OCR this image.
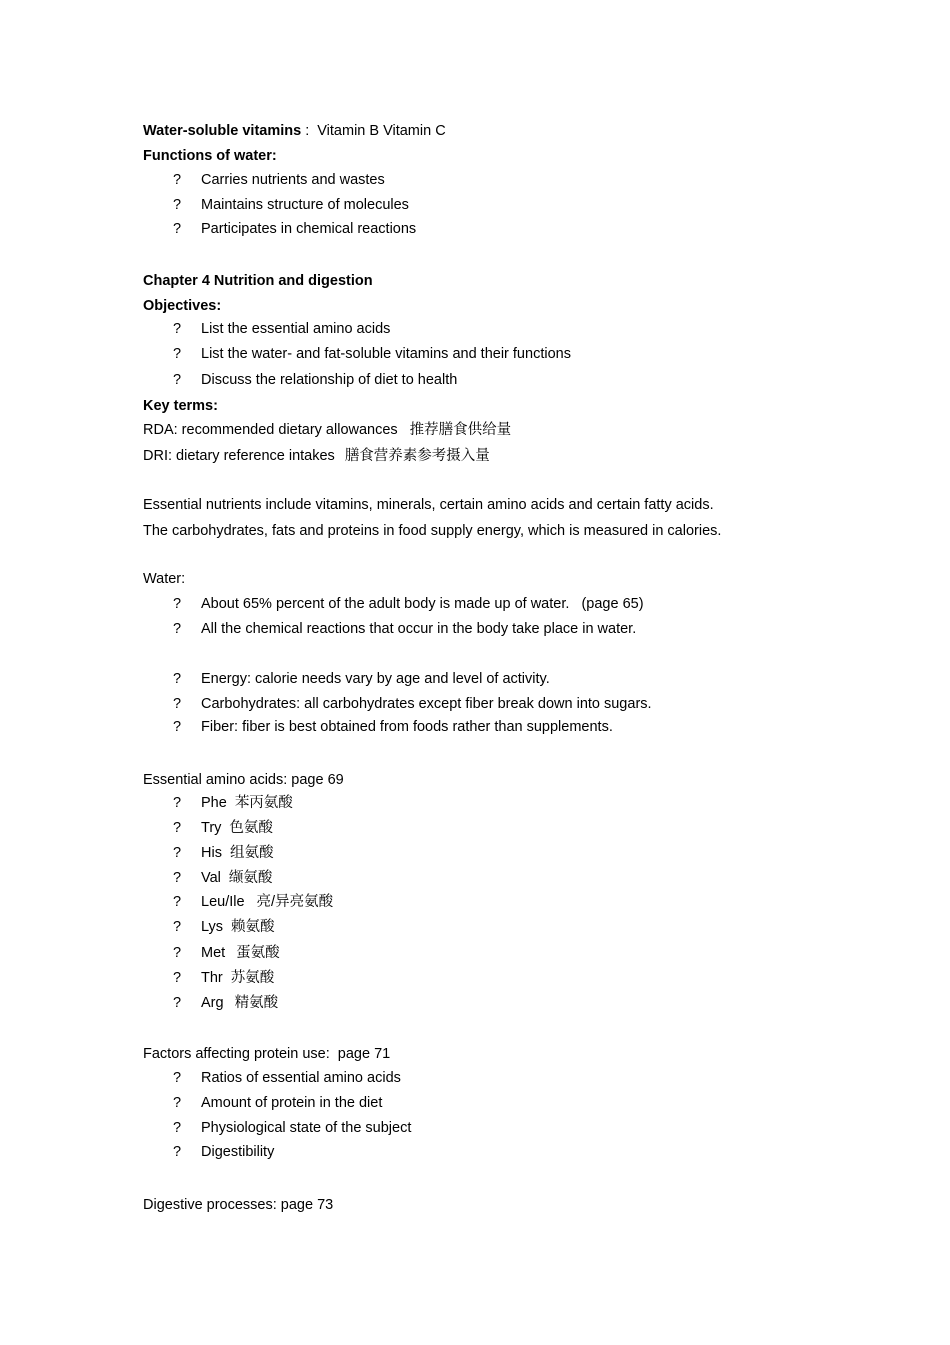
Water-soluble vitamins : Vitamin B Vitamin C
Functions of water:
? Carries nutrients and wastes
? Maintains structure of molecules
? Participates in chemical reactions
Chapter 4 Nutrition and digestion
Objectives:
? List the essential amino acids
? List the water- and fat-soluble vitamins and their functions
? Discuss the relationship of diet to health
Key terms:
RDA: recommended dietary allowances 推荐膳食供给量
DRI: dietary reference intakes 膳食营养素参考摄入量
Essential nutrients include vitamins, minerals, certain amino acids and certain fatty acids.
The carbohydrates, fats and proteins in food supply energy, which is measured in calories.
Water:
? About 65% percent of the adult body is made up of water.   (page 65)
? All the chemical reactions that occur in the body take place in water.
? Energy: calorie needs vary by age and level of activity.
? Carbohydrates: all carbohydrates except fiber break down into sugars.
? Fiber: fiber is best obtained from foods rather than supplements.
Essential amino acids: page 69
? Phe 苯丙氨酸
? Try 色氨酸
? His 组氨酸
? Val 缬氨酸
? Leu/Ile 亮/异亮氨酸
? Lys 赖氨酸
? Met 蛋氨酸
? Thr 苏氨酸
? Arg 精氨酸
Factors affecting protein use:  page 71
? Ratios of essential amino acids
? Amount of protein in the diet
? Physiological state of the subject
? Digestibility
Digestive processes: page 73
